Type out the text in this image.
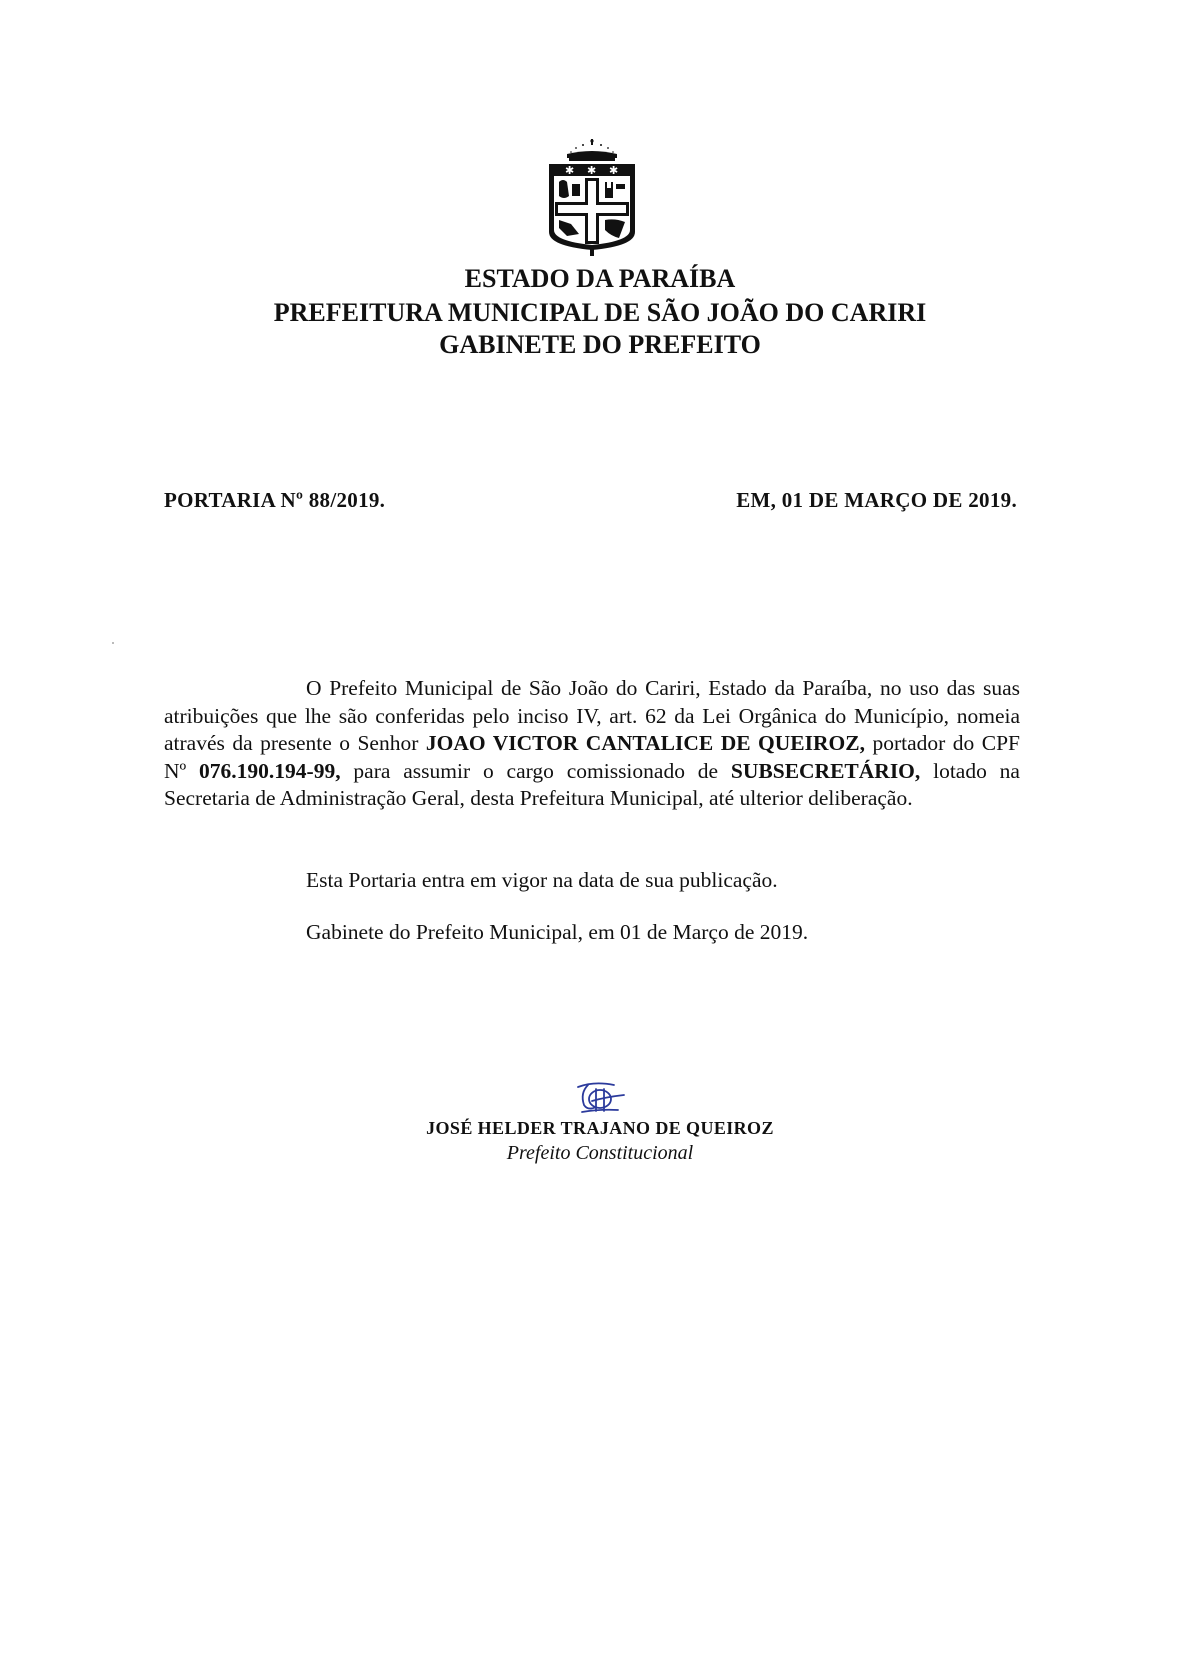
✱ ✱ ✱
ESTADO DA PARAÍBA
PREFEITURA MUNICIPAL DE SÃO JOÃO DO CARIRI
GABINETE DO PREFEITO
PORTARIA Nº 88/2019.	EM, 01 DE MARÇO DE 2019.
O Prefeito Municipal de São João do Cariri, Estado da Paraíba, no uso das suas atribuições que lhe são conferidas pelo inciso IV, art. 62 da Lei Orgânica do Município, nomeia através da presente o Senhor JOAO VICTOR CANTALICE DE QUEIROZ, portador do CPF Nº 076.190.194-99, para assumir o cargo comissionado de SUBSECRETÁRIO, lotado na Secretaria de Administração Geral, desta Prefeitura Municipal, até ulterior deliberação.
Esta Portaria entra em vigor na data de sua publicação.
Gabinete do Prefeito Municipal, em 01 de Março de 2019.
JOSÉ HELDER TRAJANO DE QUEIROZ
Prefeito Constitucional
